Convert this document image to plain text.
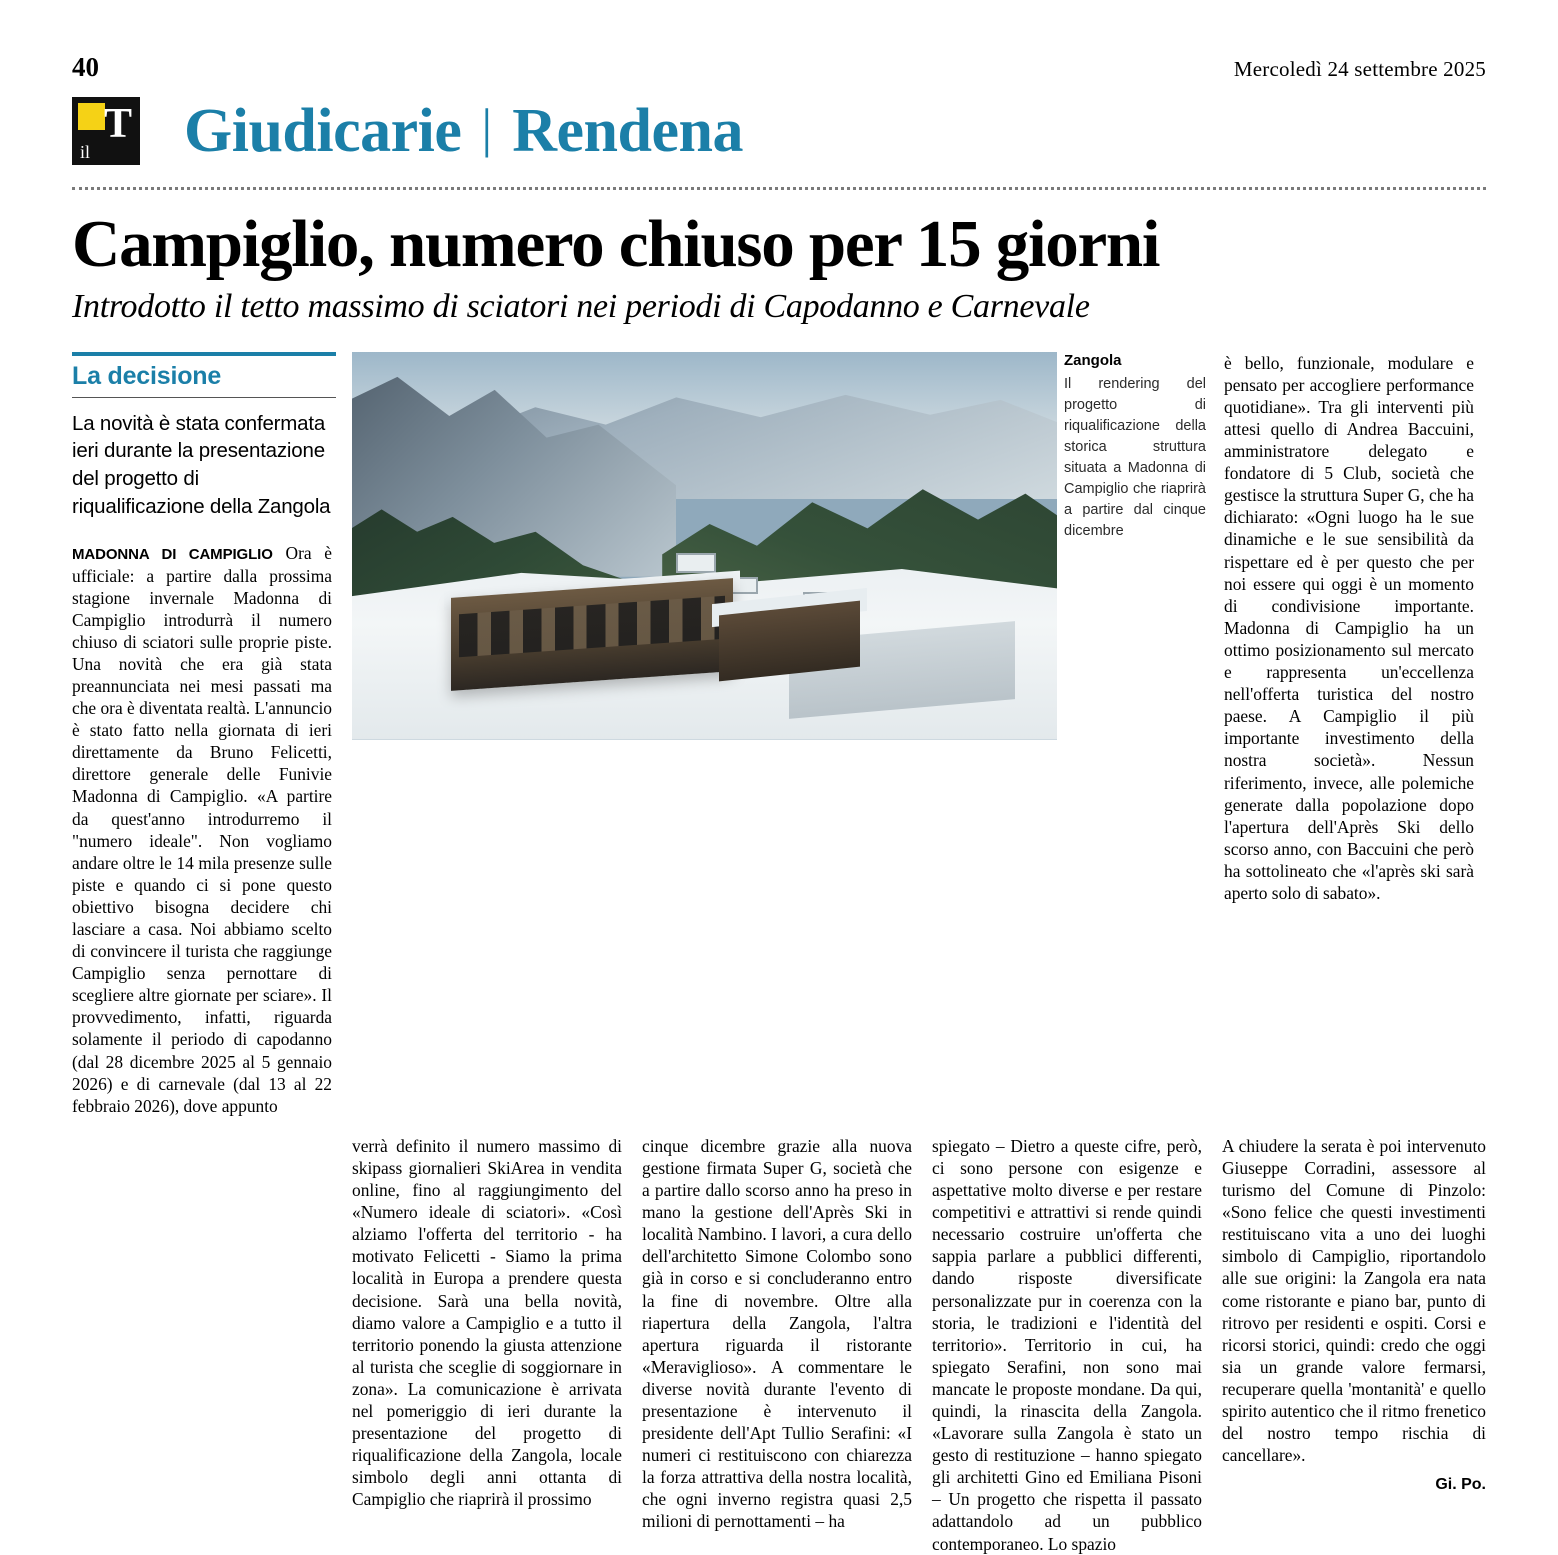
40	Mercoledì 24 settembre 2025
il
T Giudicarie | Rendena
Campiglio, numero chiuso per 15 giorni
Introdotto il tetto massimo di sciatori nei periodi di Capodanno e Carnevale
La decisione
La novità è stata confermata ieri durante la presentazione del progetto di riqualificazione della Zangola
MADONNA DI CAMPIGLIO Ora è ufficiale: a partire dalla prossima stagione invernale Madonna di Campiglio introdurrà il numero chiuso di sciatori sulle proprie piste. Una novità che era già stata preannunciata nei mesi passati ma che ora è diventata realtà. L'annuncio è stato fatto nella giornata di ieri direttamente da Bruno Felicetti, direttore generale delle Funivie Madonna di Campiglio. «A partire da quest'anno introdurremo il "numero ideale". Non vogliamo andare oltre le 14 mila presenze sulle piste e quando ci si pone questo obiettivo bisogna decidere chi lasciare a casa. Noi abbiamo scelto di convincere il turista che raggiunge Campiglio senza pernottare di scegliere altre giornate per sciare». Il provvedimento, infatti, riguarda solamente il periodo di capodanno (dal 28 dicembre 2025 al 5 gennaio 2026) e di carnevale (dal 13 al 22 febbraio 2026), dove appunto
Zangola
Il rendering del progetto di riqualificazione della storica struttura situata a Madonna di Campiglio che riaprirà a partire dal cinque dicembre
è bello, funzionale, modulare e pensato per accogliere performance quotidiane». Tra gli interventi più attesi quello di Andrea Baccuini, amministratore delegato e fondatore di 5 Club, società che gestisce la struttura Super G, che ha dichiarato: «Ogni luogo ha le sue dinamiche e le sue sensibilità da rispettare ed è per questo che per noi essere qui oggi è un momento di condivisione importante. Madonna di Campiglio ha un ottimo posizionamento sul mercato e rappresenta un'eccellenza nell'offerta turistica del nostro paese. A Campiglio il più importante investimento della nostra società». Nessun riferimento, invece, alle polemiche generate dalla popolazione dopo l'apertura dell'Après Ski dello scorso anno, con Baccuini che però ha sottolineato che «l'après ski sarà aperto solo di sabato».
verrà definito il numero massimo di skipass giornalieri SkiArea in vendita online, fino al raggiungimento del «Numero ideale di sciatori». «Così alziamo l'offerta del territorio - ha motivato Felicetti - Siamo la prima località in Europa a prendere questa decisione. Sarà una bella novità, diamo valore a Campiglio e a tutto il territorio ponendo la giusta attenzione al turista che sceglie di soggiornare in zona». La comunicazione è arrivata nel pomeriggio di ieri durante la presentazione del progetto di riqualificazione della Zangola, locale simbolo degli anni ottanta di Campiglio che riaprirà il prossimo
cinque dicembre grazie alla nuova gestione firmata Super G, società che a partire dallo scorso anno ha preso in mano la gestione dell'Après Ski in località Nambino. I lavori, a cura dello dell'architetto Simone Colombo sono già in corso e si concluderanno entro la fine di novembre. Oltre alla riapertura della Zangola, l'altra apertura riguarda il ristorante «Meraviglioso». A commentare le diverse novità durante l'evento di presentazione è intervenuto il presidente dell'Apt Tullio Serafini: «I numeri ci restituiscono con chiarezza la forza attrattiva della nostra località, che ogni inverno registra quasi 2,5 milioni di pernottamenti – ha
spiegato – Dietro a queste cifre, però, ci sono persone con esigenze e aspettative molto diverse e per restare competitivi e attrattivi si rende quindi necessario costruire un'offerta che sappia parlare a pubblici differenti, dando risposte diversificate personalizzate pur in coerenza con la storia, le tradizioni e l'identità del territorio». Territorio in cui, ha spiegato Serafini, non sono mai mancate le proposte mondane. Da qui, quindi, la rinascita della Zangola. «Lavorare sulla Zangola è stato un gesto di restituzione – hanno spiegato gli architetti Gino ed Emiliana Pisoni – Un progetto che rispetta il passato adattandolo ad un pubblico contemporaneo. Lo spazio
A chiudere la serata è poi intervenuto Giuseppe Corradini, assessore al turismo del Comune di Pinzolo: «Sono felice che questi investimenti restituiscano vita a uno dei luoghi simbolo di Campiglio, riportandolo alle sue origini: la Zangola era nata come ristorante e piano bar, punto di ritrovo per residenti e ospiti. Corsi e ricorsi storici, quindi: credo che oggi sia un grande valore fermarsi, recuperare quella 'montanità' e quello spirito autentico che il ritmo frenetico del nostro tempo rischia di cancellare».
Gi. Po.
